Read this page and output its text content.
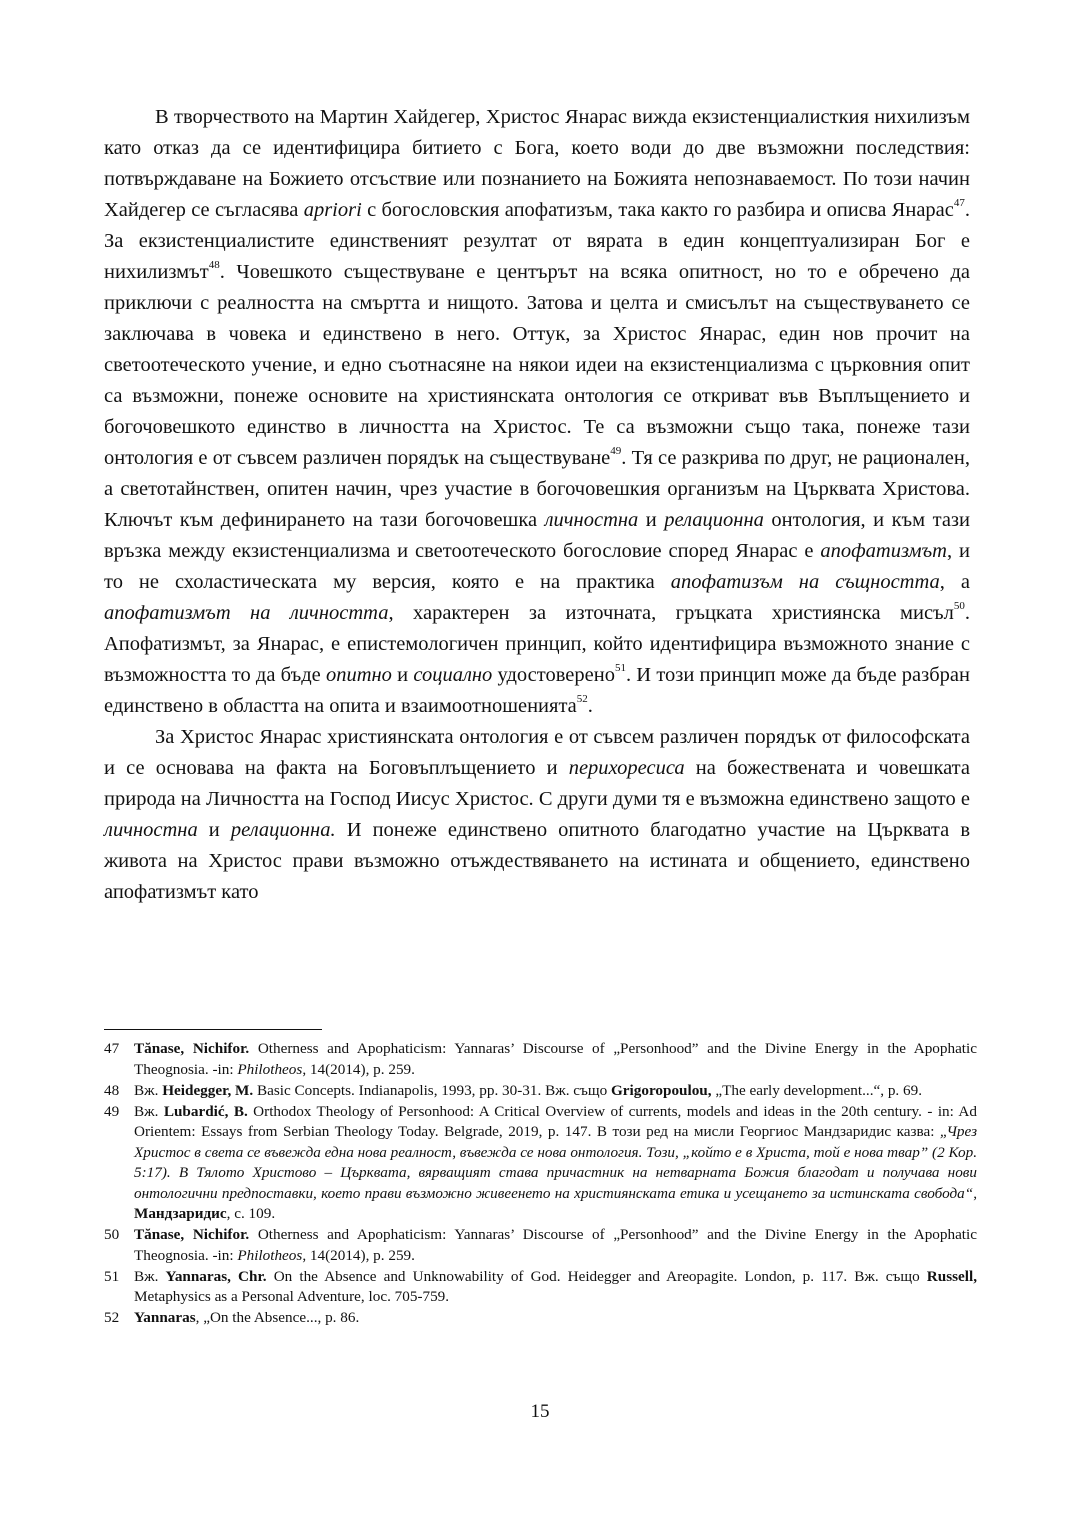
В творчеството на Мартин Хайдегер, Христос Янарас вижда екзистенциалисткия нихилизъм като отказ да се идентифицира битието с Бога, което води до две възможни последствия: потвърждаване на Божието отсъствие или познанието на Божията непознаваемост. По този начин Хайдегер се съгласява apriori с богословския апофатизъм, така както го разбира и описва Янарас$^{47}$. За екзистенциалистите единственият резултат от вярата в един концептуализиран Бог е нихилизмът$^{48}$. Човешкото съществуване е центърът на всяка опитност, но то е обречено да приключи с реалността на смъртта и нищото. Затова и целта и смисълът на съществуването се заключава в човека и единствено в него. Оттук, за Христос Янарас, един нов прочит на светоотеческото учение, и едно съотнасяне на някои идеи на екзистенциализма с църковния опит са възможни, понеже основите на християнската онтология се откриват във Въплъщението и богочовешкото единство в личността на Христос. Те са възможни също така, понеже тази онтология е от съвсем различен порядък на съществуване$^{49}$. Тя се разкрива по друг, не рационален, а светотайнствен, опитен начин, чрез участие в богочовешкия организъм на Църквата Христова. Ключът към дефинирането на тази богочовешка личностна и релационна онтология, и към тази връзка между екзистенциализма и светоотеческото богословие според Янарас е апофатизмът, и то не схоластическата му версия, която е на практика апофатизъм на същността, а апофатизмът на личността, характерен за източната, гръцката християнска мисъл$^{50}$. Апофатизмът, за Янарас, е епистемологичен принцип, който идентифицира възможното знание с възможността то да бъде опитно и социално удостоверено$^{51}$. И този принцип може да бъде разбран единствено в областта на опита и взаимоотношенията$^{52}$.

За Христос Янарас християнската онтология е от съвсем различен порядък от философската и се основава на факта на Боговъплъщението и перихоресиса на божествената и човешката природа на Личността на Господ Иисус Христос. С други думи тя е възможна единствено защото е личностна и релационна. И понеже единствено опитното благодатно участие на Църквата в живота на Христос прави възможно отъждествяването на истината и общението, единствено апофатизмът като

47 Tănase, Nichifor. Otherness and Apophaticism: Yannaras’ Discourse of „Personhood” and the Divine Energy in the Apophatic Theognosia. -in: Philotheos, 14(2014), p. 259.
48 Вж. Heidegger, M. Basic Concepts. Indianapolis, 1993, pp. 30-31. Вж. също Grigoropoulou, „The early development...“, p. 69.
49 Вж. Lubardić, B. Orthodox Theology of Personhood: A Critical Overview of currents, models and ideas in the 20th century. - in: Ad Orientem: Essays from Serbian Theology Today. Belgrade, 2019, p. 147. В този ред на мисли Георгиос Мандзаридис казва: „Чрез Христос в света се въвежда една нова реалност, въвежда се нова онтология. Този, „който е в Христа, той е нова твар” (2 Кор. 5:17). В Тялото Христово – Църквата, вярващият става причастник на нетварната Божия благодат и получава нови онтологични предпоставки, което прави възможно живеенето на християнската етика и усещането за истинската свобода“, Мандзаридис, с. 109.
50 Tănase, Nichifor. Otherness and Apophaticism: Yannaras’ Discourse of „Personhood” and the Divine Energy in the Apophatic Theognosia. -in: Philotheos, 14(2014), p. 259.
51 Вж. Yannaras, Chr. On the Absence and Unknowability of God. Heidegger and Areopagite. London, p. 117. Вж. също Russell, Metaphysics as a Personal Adventure, loc. 705-759.
52 Yannaras, „On the Absence..., p. 86.
15
